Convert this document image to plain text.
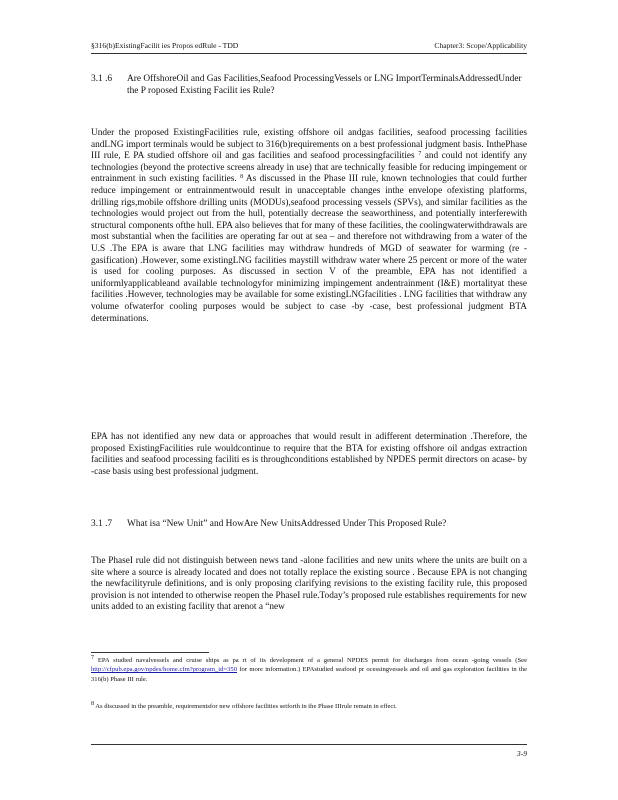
§316(b)ExistingFacilit ies Propos edRule - TDD	Chapter3: Scope/Applicability
3.1 .6	Are OffshoreOil and Gas Facilities,Seafood ProcessingVessels or LNG ImportTerminalsAddressedUnder the P roposed Existing Facilit ies Rule?

Under the proposed ExistingFacilities rule, existing offshore oil andgas facilities, seafood processing facilities andLNG import terminals would be subject to 316(b)requirements on a best professional judgment basis. InthePhase III rule, E PA studied offshore oil and gas facilities and seafood processingfacilities $^7$ and could not identify any technologies (beyond the protective screens already in use) that are technically feasible for reducing impingement or entrainment in such existing facilities. $^8$ As discussed in the Phase III rule, known technologies that could further reduce impingement or entrainmentwould result in unacceptable changes inthe envelope ofexisting platforms, drilling rigs,mobile offshore drilling units (MODUs),seafood processing vessels (SPVs), and similar facilities as the technologies would project out from the hull, potentially decrease the seaworthiness, and potentially interferewith structural components ofthe hull. EPA also believes that for many of these facilities, the coolingwaterwithdrawals are most substantial when the facilities are operating far out at sea – and therefore not withdrawing from a water of the U.S .The EPA is aware that LNG facilities may withdraw hundreds of MGD of seawater for warming (re -gasification) .However, some existingLNG facilities maystill withdraw water where 25 percent or more of the water is used for cooling purposes. As discussed in section V of the preamble, EPA has not identified a uniformlyapplicableand available technologyfor minimizing impingement andentrainment (I&E) mortalityat these facilities .However, technologies may be available for some existingLNGfacilities . LNG facilities that withdraw any volume ofwaterfor cooling purposes would be subject to case -by -case, best professional judgment BTA determinations.

EPA has not identified any new data or approaches that would result in adifferent determination .Therefore, the proposed ExistingFacilities rule wouldcontinue to require that the BTA for existing offshore oil andgas extraction facilities and seafood processing faciliti es is throughconditions established by NPDES permit directors on acase- by -case basis using best professional judgment.

3.1 .7	What isa “New Unit” and HowAre New UnitsAddressed Under This Proposed Rule?

The PhaseI rule did not distinguish between news tand -alone facilities and new units where the units are built on a site where a source is already located and does not totally replace the existing source . Because EPA is not changing the newfacilityrule definitions, and is only proposing clarifying revisions to the existing facility rule, this proposed provision is not intended to otherwise reopen the PhaseI rule.Today’s proposed rule establishes requirements for new units added to an existing facility that arenot a “new

$^7$ EPA studied navalvessels and cruise ships as pa rt of its development of a general NPDES permit for discharges from ocean -going vessels (See http://cfpub.epa.gov/npdes/home.cfm?program_id=350 for more information.) EPAstudied seafood pr ocessingvessels and oil and gas exploration facilities in the 316(b) Phase III rule.

$^8$ As discussed in the preamble, requirementsfor new offshore facilities setforth in the Phase IIIrule remain in effect.

3-9
